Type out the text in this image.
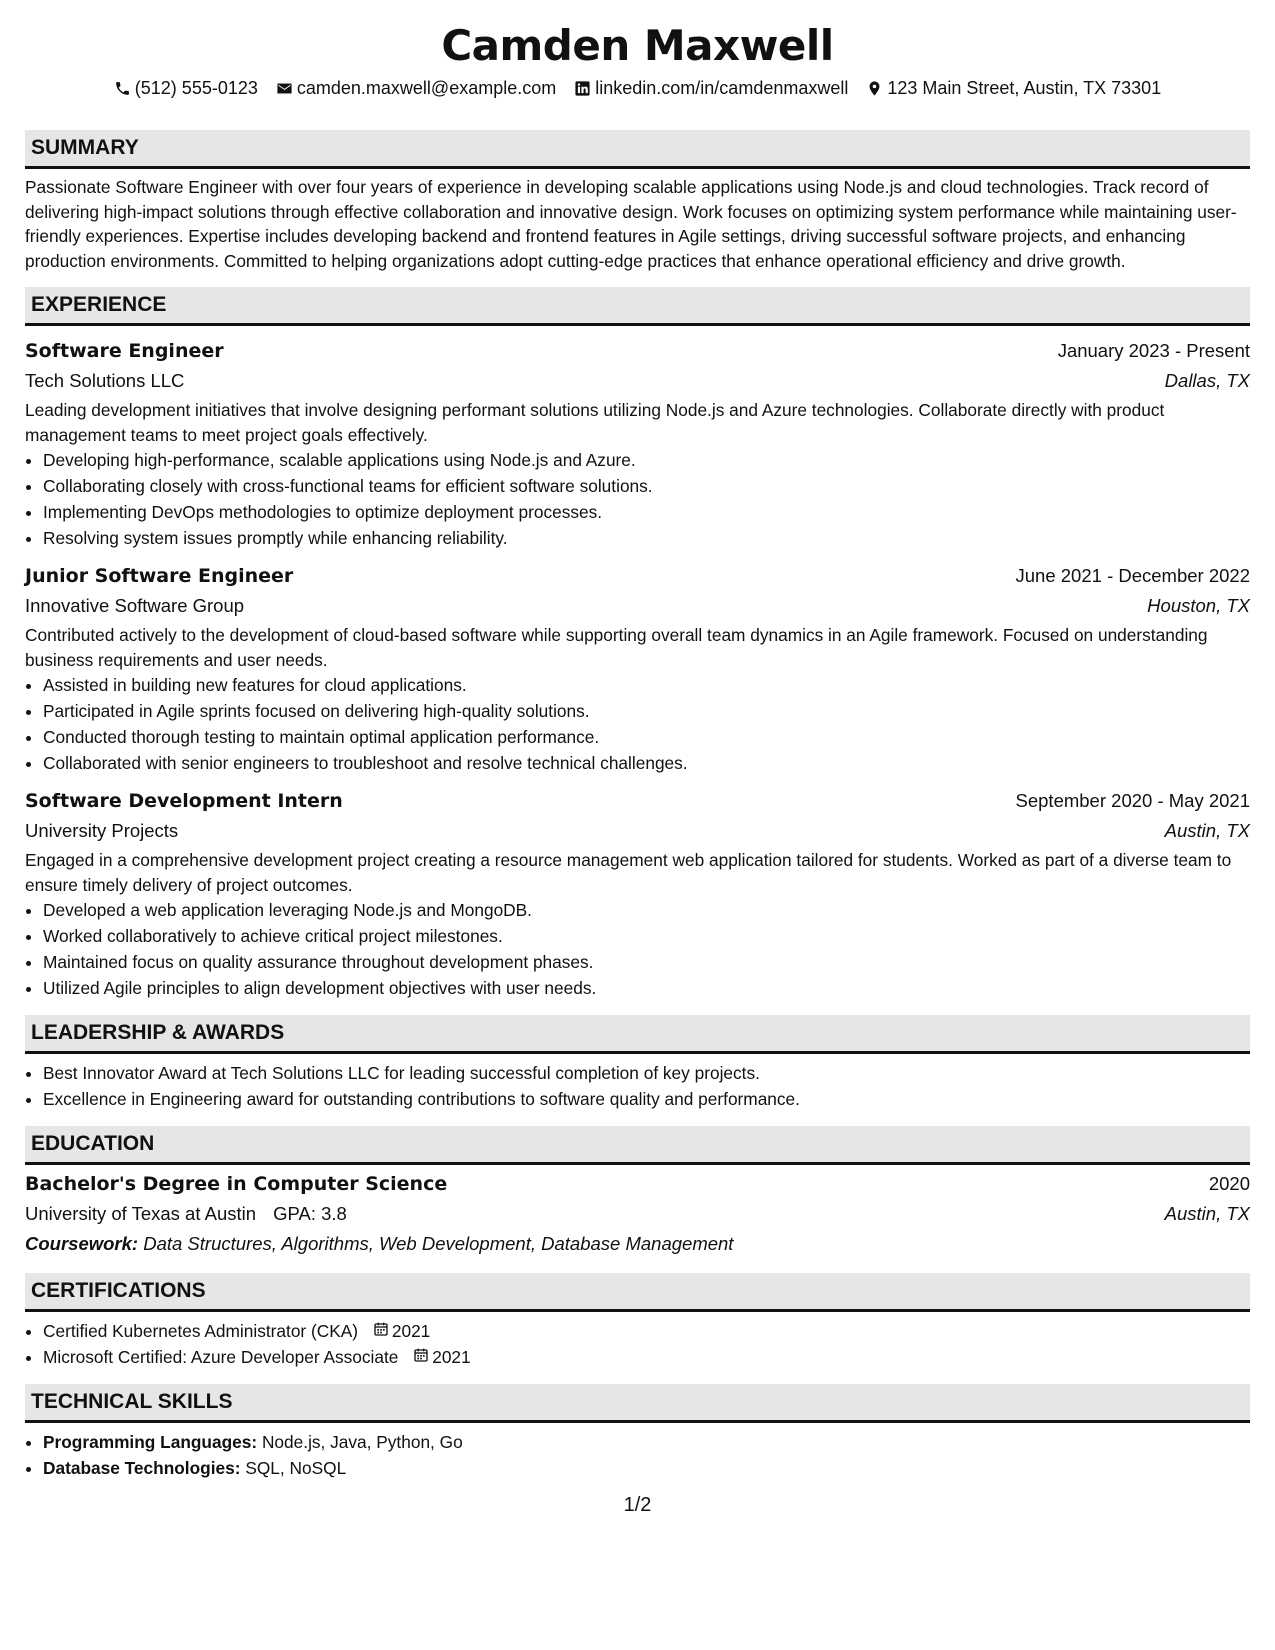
Camden Maxwell
(512) 555-0123 camden.maxwell@example.com linkedin.com/in/camdenmaxwell 123 Main Street, Austin, TX 73301
SUMMARY

Passionate Software Engineer with over four years of experience in developing scalable applications using Node.js and cloud technologies. Track record of delivering high-impact solutions through effective collaboration and innovative design. Work focuses on optimizing system performance while maintaining user-friendly experiences. Expertise includes developing backend and frontend features in Agile settings, driving successful software projects, and enhancing production environments. Committed to helping organizations adopt cutting-edge practices that enhance operational efficiency and drive growth.

EXPERIENCE
Software Engineer	January 2023 - Present
Tech Solutions LLC	Dallas, TX

Leading development initiatives that involve designing performant solutions utilizing Node.js and Azure technologies. Collaborate directly with product management teams to meet project goals effectively.

• Developing high-performance, scalable applications using Node.js and Azure.
• Collaborating closely with cross-functional teams for efficient software solutions.
• Implementing DevOps methodologies to optimize deployment processes.
• Resolving system issues promptly while enhancing reliability.
Junior Software Engineer	June 2021 - December 2022
Innovative Software Group	Houston, TX

Contributed actively to the development of cloud-based software while supporting overall team dynamics in an Agile framework. Focused on understanding business requirements and user needs.

• Assisted in building new features for cloud applications.
• Participated in Agile sprints focused on delivering high-quality solutions.
• Conducted thorough testing to maintain optimal application performance.
• Collaborated with senior engineers to troubleshoot and resolve technical challenges.
Software Development Intern	September 2020 - May 2021
University Projects	Austin, TX

Engaged in a comprehensive development project creating a resource management web application tailored for students. Worked as part of a diverse team to ensure timely delivery of project outcomes.

• Developed a web application leveraging Node.js and MongoDB.
• Worked collaboratively to achieve critical project milestones.
• Maintained focus on quality assurance throughout development phases.
• Utilized Agile principles to align development objectives with user needs.
LEADERSHIP & AWARDS
• Best Innovator Award at Tech Solutions LLC for leading successful completion of key projects.
• Excellence in Engineering award for outstanding contributions to software quality and performance.
EDUCATION
Bachelor's Degree in Computer Science	2020
University of Texas at Austin GPA: 3.8	Austin, TX
Coursework: Data Structures, Algorithms, Web Development, Database Management
CERTIFICATIONS
• Certified Kubernetes Administrator (CKA) 2021
• Microsoft Certified: Azure Developer Associate 2021
TECHNICAL SKILLS
• Programming Languages: Node.js, Java, Python, Go
• Database Technologies: SQL, NoSQL
1/2
